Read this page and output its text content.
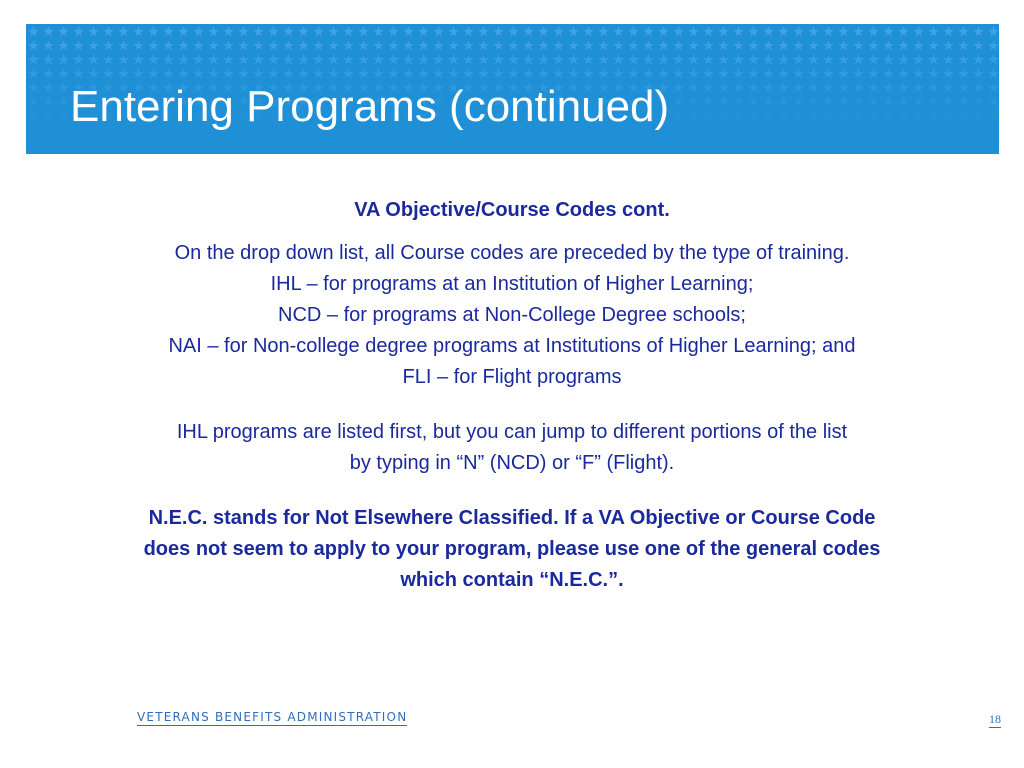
Entering Programs (continued)
VA Objective/Course Codes cont.
On the drop down list, all Course codes are preceded by the type of training.
IHL – for programs at an Institution of Higher Learning;
NCD – for programs at Non-College Degree schools;
NAI – for Non-college degree programs at Institutions of Higher Learning; and
FLI – for Flight programs
IHL programs are listed first, but you can jump to different portions of the list
by typing in “N” (NCD) or “F” (Flight).
N.E.C. stands for Not Elsewhere Classified. If a VA Objective or Course Code
does not seem to apply to your program, please use one of the general codes
which contain “N.E.C.”.
VETERANS BENEFITS ADMINISTRATION	18
